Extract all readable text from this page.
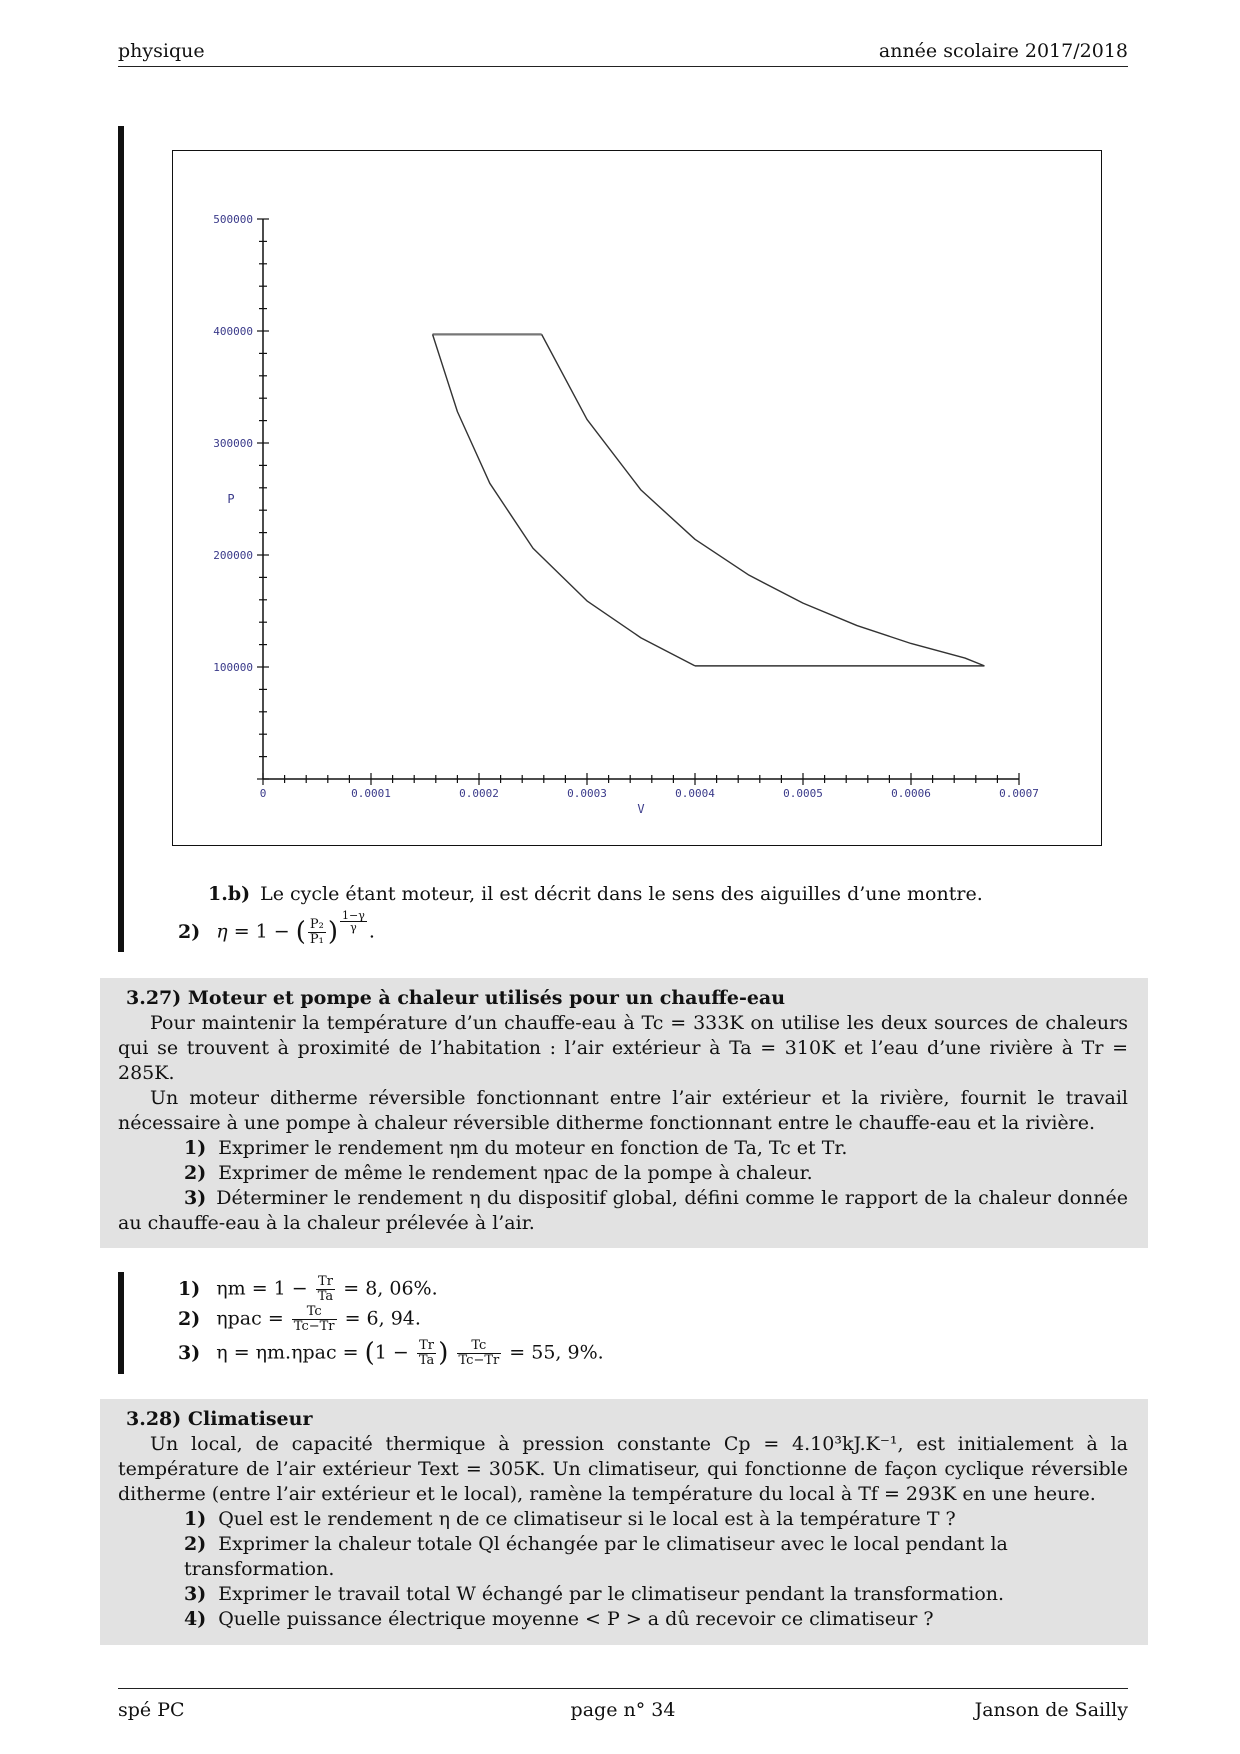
physique	année scolaire 2017/2018
0	0.0001	0.0002	0.0003	0.0004	0.0005	0.0006	0.0007
100000
200000
300000
400000
500000
V
P
1.b) Le cycle étant moteur, il est décrit dans le sens des aiguilles d’une montre.
2) η = 1 − ( $\frac{\text{P₂}}{\text{P₁}}$ ) $\frac{1-\gamma}{\gamma}$ .
3.27) Moteur et pompe à chaleur utilisés pour un chauffe-eau
Pour maintenir la température d’un chauffe-eau à Tc = 333K on utilise les deux sources de chaleurs qui se trouvent à proximité de l’habitation : l’air extérieur à Ta = 310K et l’eau d’une rivière à Tr = 285K.
Un moteur ditherme réversible fonctionnant entre l’air extérieur et la rivière, fournit le travail nécessaire à une pompe à chaleur réversible ditherme fonctionnant entre le chauffe-eau et la rivière.
1) Exprimer le rendement ηm du moteur en fonction de Ta, Tc et Tr.
2) Exprimer de même le rendement ηpac de la pompe à chaleur.
3) Déterminer le rendement η du dispositif global, défini comme le rapport de la chaleur donnée au chauffe-eau à la chaleur prélevée à l’air.
1) $\eta m = 1 - \frac{Tr}{Ta} = 8$, 06%.
2) $\eta pac = \frac{Tc}{Tc-Tr} = 6$, 94.
3) $\eta = \eta m.\eta pac = (1 - \frac{Tr}{Ta}$ ) $\frac{Tc}{Tc-Tr} = 55$, 9%.
3.28) Climatiseur
Un local, de capacité thermique à pression constante Cp = 4.10³kJ.K⁻¹, est initialement à la température de l’air extérieur Text = 305K. Un climatiseur, qui fonctionne de façon cyclique réversible ditherme (entre l’air extérieur et le local), ramène la température du local à Tf = 293K en une heure.
1) Quel est le rendement η de ce climatiseur si le local est à la température T ?
2) Exprimer la chaleur totale Ql échangée par le climatiseur avec le local pendant la transformation.
3) Exprimer le travail total W échangé par le climatiseur pendant la transformation.
4) Quelle puissance électrique moyenne < P > a dû recevoir ce climatiseur ?
spé PC	page n° 34	Janson de Sailly
